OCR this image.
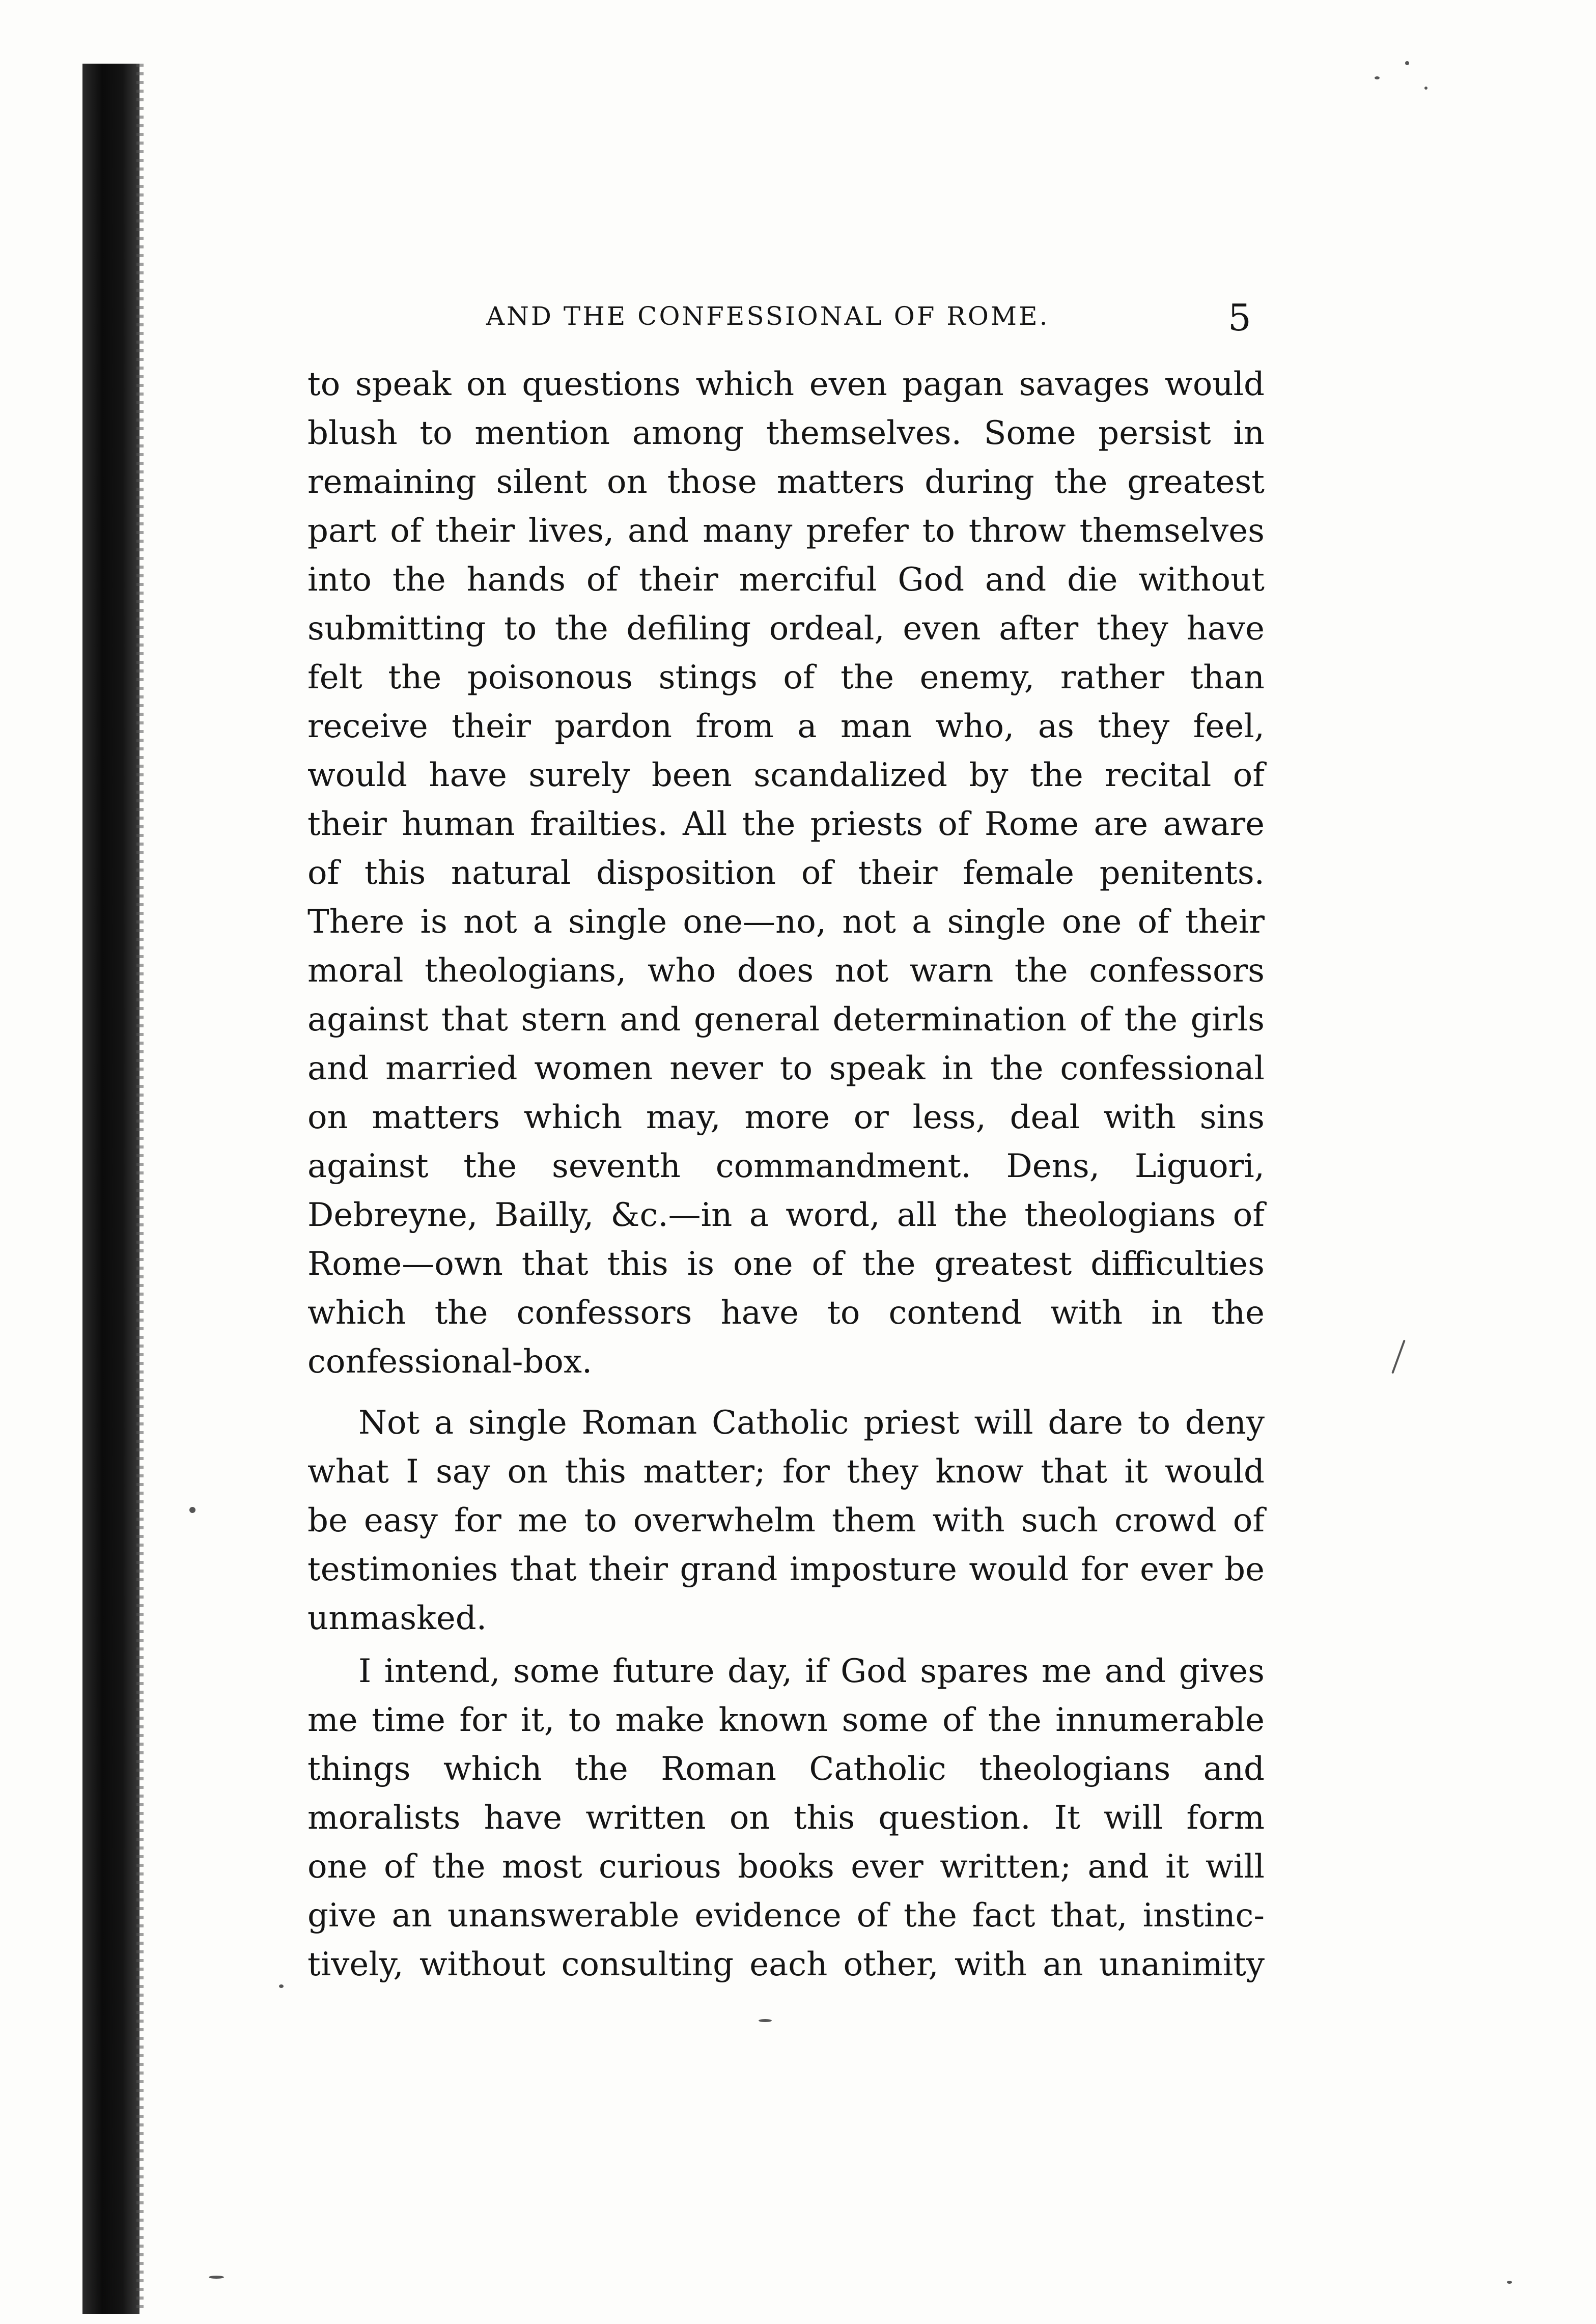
AND THE CONFESSIONAL OF ROME.	5
to speak on questions which even pagan savages would
blush to mention among themselves. Some persist in
remaining silent on those matters during the greatest
part of their lives, and many prefer to throw themselves
into the hands of their merciful God and die without
submitting to the defiling ordeal, even after they have
felt the poisonous stings of the enemy, rather than
receive their pardon from a man who, as they feel,
would have surely been scandalized by the recital of
their human frailties. All the priests of Rome are aware
of this natural disposition of their female penitents.
There is not a single one—no, not a single one of their
moral theologians, who does not warn the confessors
against that stern and general determination of the girls
and married women never to speak in the confessional
on matters which may, more or less, deal with sins
against the seventh commandment. Dens, Liguori,
Debreyne, Bailly, &c.—in a word, all the theologians of
Rome—own that this is one of the greatest difficulties
which the confessors have to contend with in the
confessional-box.
Not a single Roman Catholic priest will dare to deny
what I say on this matter; for they know that it would
be easy for me to overwhelm them with such crowd of
testimonies that their grand imposture would for ever be
unmasked.
I intend, some future day, if God spares me and gives
me time for it, to make known some of the innumerable
things which the Roman Catholic theologians and
moralists have written on this question. It will form
one of the most curious books ever written; and it will
give an unanswerable evidence of the fact that, instinc-
tively, without consulting each other, with an unanimity
